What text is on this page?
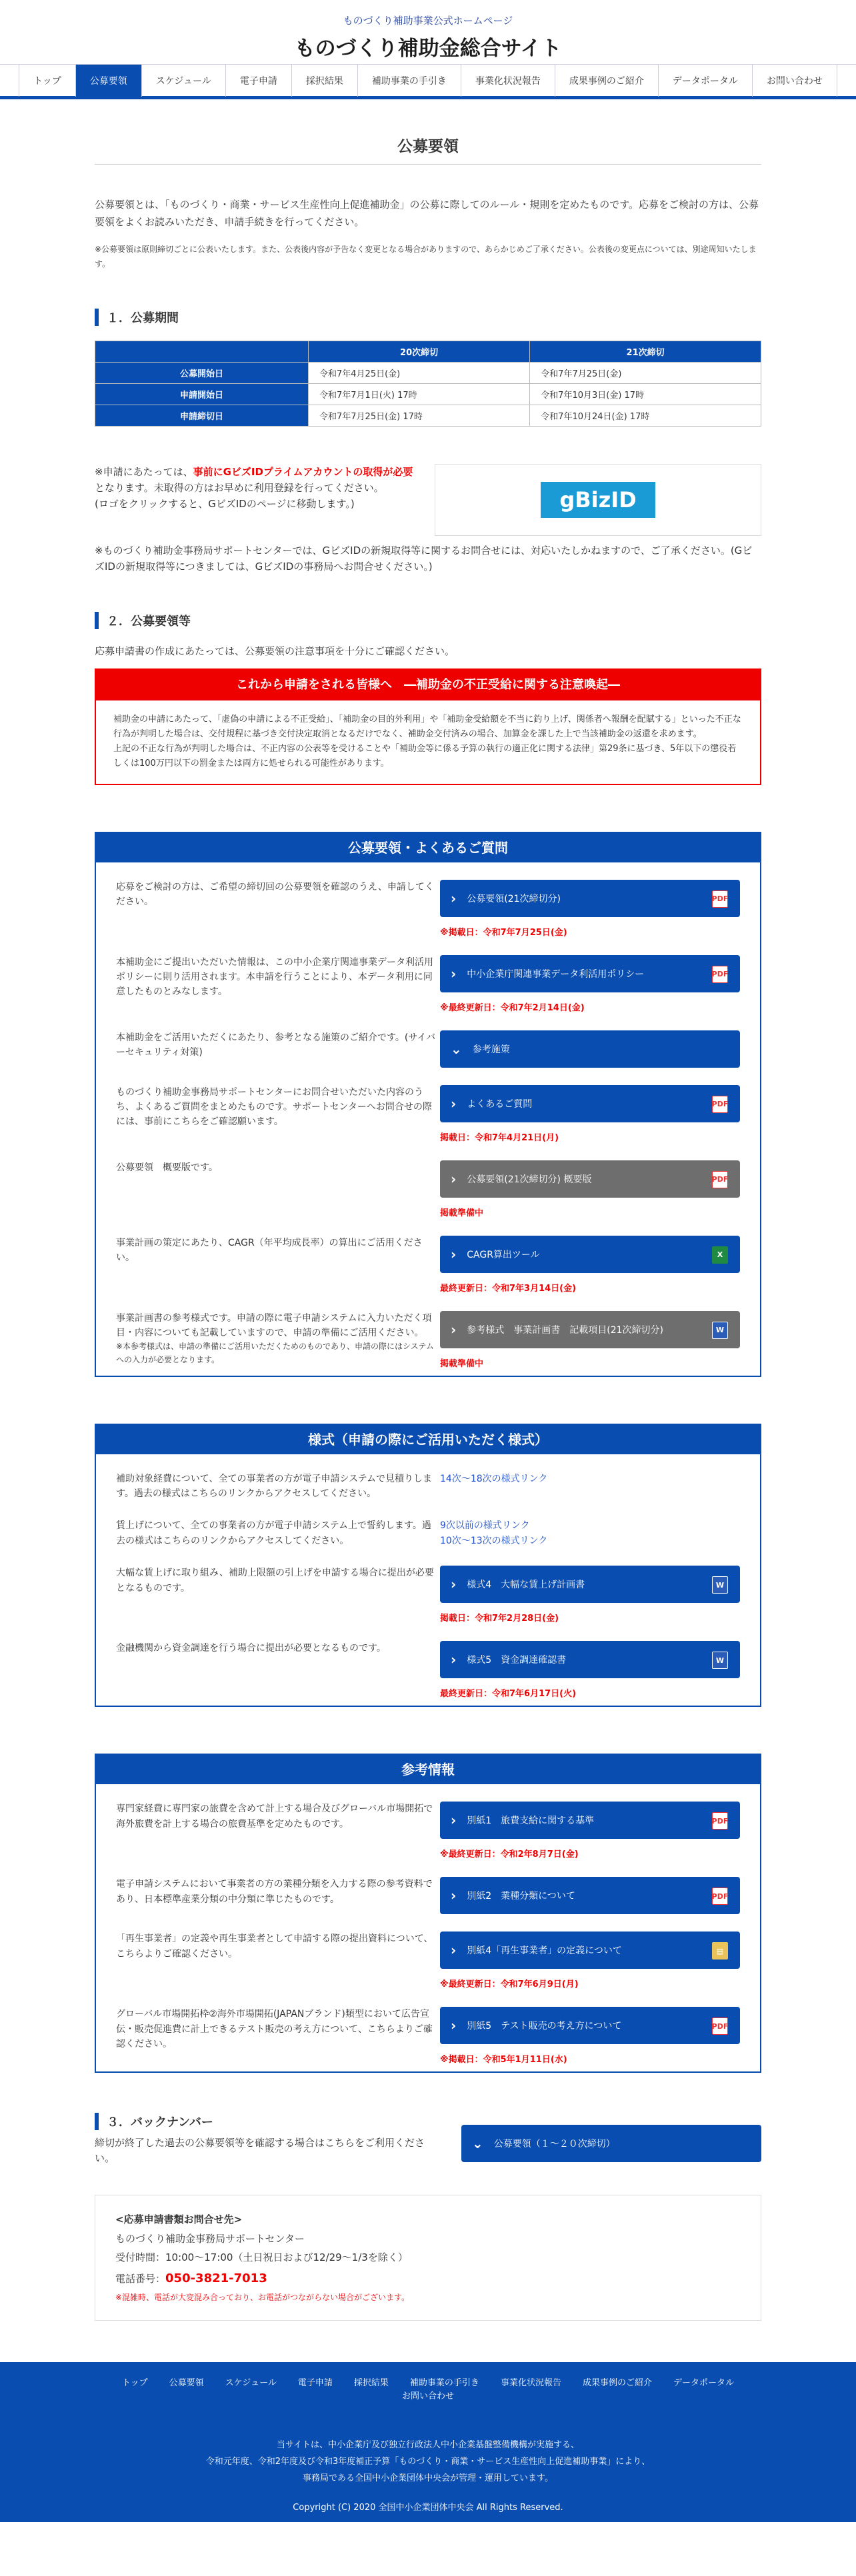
ものづくり補助事業公式ホームページ
ものづくり補助金総合サイト
トップ	公募要領	スケジュール	電子申請	採択結果	補助事業の手引き	事業化状況報告	成果事例のご紹介	データポータル	お問い合わせ
公募要領

公募要領とは、「ものづくり・商業・サービス生産性向上促進補助金」の公募に際してのルール・規則を定めたものです。応募をご検討の方は、公募要領をよくお読みいただき、申請手続きを行ってください。

※公募要領は原則締切ごとに公表いたします。また、公表後内容が予告なく変更となる場合がありますので、あらかじめご了承ください。公表後の変更点については、別途周知いたします。

１．公募期間
	20次締切	21次締切
公募開始日	令和7年4月25日(金)	令和7年7月25日(金)
申請開始日	令和7年7月1日(火) 17時	令和7年10月3日(金) 17時
申請締切日	令和7年7月25日(金) 17時	令和7年10月24日(金) 17時
※申請にあたっては、事前にGビズIDプライムアカウントの取得が必要となります。未取得の方はお早めに利用登録を行ってください。
(ロゴをクリックすると、GビズIDのページに移動します。)	gBizID

※ものづくり補助金事務局サポートセンターでは、GビズIDの新規取得等に関するお問合せには、対応いたしかねますので、ご了承ください。(GビズIDの新規取得等につきましては、GビズIDの事務局へお問合せください。)

２．公募要領等

応募申請書の作成にあたっては、公募要領の注意事項を十分にご確認ください。

これから申請をされる皆様へ　―補助金の不正受給に関する注意喚起―

補助金の申請にあたって、「虚偽の申請による不正受給」、「補助金の目的外利用」や「補助金受給額を不当に釣り上げ、関係者へ報酬を配賦する」といった不正な行為が判明した場合は、交付規程に基づき交付決定取消となるだけでなく、補助金交付済みの場合、加算金を課した上で当該補助金の返還を求めます。

上記の不正な行為が判明した場合は、不正内容の公表等を受けることや「補助金等に係る予算の執行の適正化に関する法律」第29条に基づき、5年以下の懲役若しくは100万円以下の罰金または両方に処せられる可能性があります。

公募要領・よくあるご質問

応募をご検討の方は、ご希望の締切回の公募要領を確認のうえ、申請してください。	› 公募要領(21次締切分)	PDF
※掲載日：令和7年7月25日(金)

本補助金にご提出いただいた情報は、この中小企業庁関連事業データ利活用ポリシーに則り活用されます。本申請を行うことにより、本データ利用に同意したものとみなします。

› 中小企業庁関連事業データ利活用ポリシー	PDF
※最終更新日：令和7年2月14日(金)

本補助金をご活用いただくにあたり、参考となる施策のご紹介です。(サイバーセキュリティ対策)	⌄ 参考施策

ものづくり補助金事務局サポートセンターにお問合せいただいた内容のうち、よくあるご質問をまとめたものです。サポートセンターへお問合せの際には、事前にこちらをご確認願います。

› よくあるご質問	PDF
掲載日：令和7年4月21日(月)

公募要領　概要版です。

› 公募要領(21次締切分) 概要版	PDF
掲載準備中

事業計画の策定にあたり、CAGR（年平均成長率）の算出にご活用ください。	› CAGR算出ツール	X
最終更新日：令和7年3月14日(金)

事業計画書の参考様式です。申請の際に電子申請システムに入力いただく項目・内容についても記載していますので、申請の準備にご活用ください。

※本参考様式は、申請の準備にご活用いただくためのものであり、申請の際にはシステムへの入力が必要となります。

› 参考様式　事業計画書　記載項目(21次締切分)	W
掲載準備中
様式（申請の際にご活用いただく様式）

補助対象経費について、全ての事業者の方が電子申請システムで見積りします。過去の様式はこちらのリンクからアクセスしてください。

14次〜18次の様式リンク

賃上げについて、全ての事業者の方が電子申請システム上で誓約します。過去の様式はこちらのリンクからアクセスしてください。

9次以前の様式リンク
10次〜13次の様式リンク

大幅な賃上げに取り組み、補助上限額の引上げを申請する場合に提出が必要となるものです。	› 様式4　大幅な賃上げ計画書	W
掲載日：令和7年2月28日(金)

金融機関から資金調達を行う場合に提出が必要となるものです。

› 様式5　資金調達確認書	W
最終更新日：令和7年6月17日(火)
参考情報

専門家経費に専門家の旅費を含めて計上する場合及びグローバル市場開拓で海外旅費を計上する場合の旅費基準を定めたものです。	› 別紙1　旅費支給に関する基準	PDF
※最終更新日：令和2年8月7日(金)

電子申請システムにおいて事業者の方の業種分類を入力する際の参考資料であり、日本標準産業分類の中分類に準じたものです。	› 別紙2　業種分類について	PDF

「再生事業者」の定義や再生事業者として申請する際の提出資料について、こちらよりご確認ください。	› 別紙4「再生事業者」の定義について	▤
※最終更新日：令和7年6月9日(月)

グローバル市場開拓枠②海外市場開拓(JAPANブランド)類型において広告宣伝・販売促進費に計上できるテスト販売の考え方について、こちらよりご確認ください。

› 別紙5　テスト販売の考え方について	PDF
※掲載日：令和5年1月11日(水)
３．バックナンバー

締切が終了した過去の公募要領等を確認する場合はこちらをご利用ください。

⌄ 公募要領（１〜２０次締切）
<応募申請書類お問合せ先>
ものづくり補助金事務局サポートセンター
受付時間：10:00〜17:00（土日祝日および12/29〜1/3を除く）
電話番号：050-3821-7013
※混雑時、電話が大変混み合っており、お電話がつながらない場合がございます。
トップ 公募要領 スケジュール 電子申請 採択結果 補助事業の手引き 事業化状況報告 成果事例のご紹介 データポータル
お問い合わせ
当サイトは、中小企業庁及び独立行政法人中小企業基盤整備機構が実施する、
令和元年度、令和2年度及び令和3年度補正予算「ものづくり・商業・サービス生産性向上促進補助事業」により、
事務局である全国中小企業団体中央会が管理・運用しています。
Copyright (C) 2020 全国中小企業団体中央会 All Rights Reserved.
